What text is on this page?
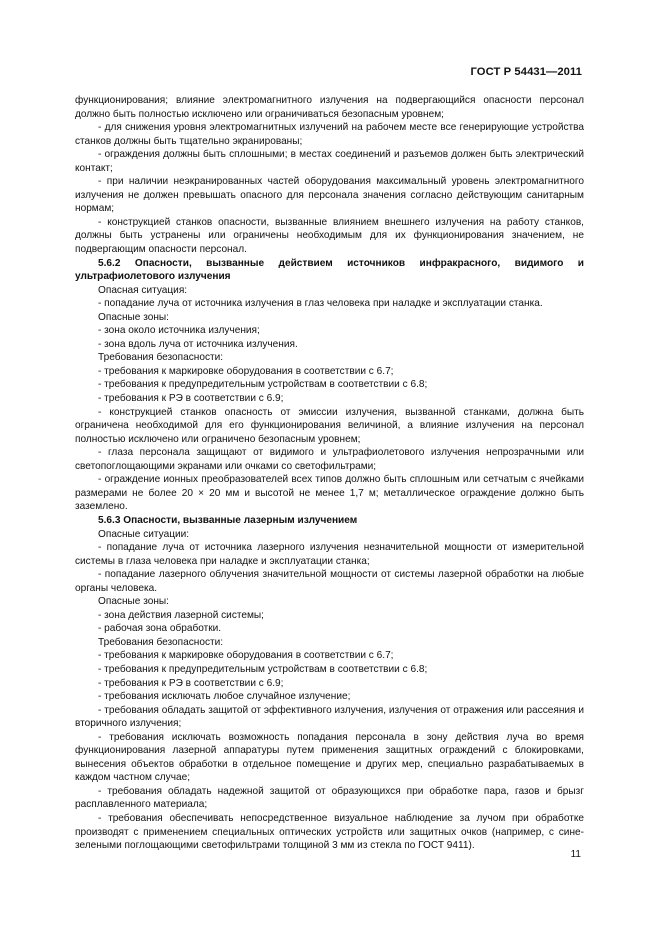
ГОСТ Р 54431—2011

функционирования; влияние электромагнитного излучения на подвергающийся опасности персонал должно быть полностью исключено или ограничиваться безопасным уровнем;

- для снижения уровня электромагнитных излучений на рабочем месте все генерирующие устройства станков должны быть тщательно экранированы;

- ограждения должны быть сплошными; в местах соединений и разъемов должен быть электрический контакт;

- при наличии неэкранированных частей оборудования максимальный уровень электромагнитного излучения не должен превышать опасного для персонала значения согласно действующим санитарным нормам;

- конструкцией станков опасности, вызванные влиянием внешнего излучения на работу станков, должны быть устранены или ограничены необходимым для их функционирования значением, не подвергающим опасности персонал.

5.6.2 Опасности, вызванные действием источников инфракрасного, видимого и ультрафиолетового излучения

Опасная ситуация:

- попадание луча от источника излучения в глаз человека при наладке и эксплуатации станка.

Опасные зоны:

- зона около источника излучения;

- зона вдоль луча от источника излучения.

Требования безопасности:

- требования к маркировке оборудования в соответствии с 6.7;

- требования к предупредительным устройствам в соответствии с 6.8;

- требования к РЭ в соответствии с 6.9;

- конструкцией станков опасность от эмиссии излучения, вызванной станками, должна быть ограничена необходимой для его функционирования величиной, а влияние излучения на персонал полностью исключено или ограничено безопасным уровнем;

- глаза персонала защищают от видимого и ультрафиолетового излучения непрозрачными или светопоглощающими экранами или очками со светофильтрами;

- ограждение ионных преобразователей всех типов должно быть сплошным или сетчатым с ячейками размерами не более 20 × 20 мм и высотой не менее 1,7 м; металлическое ограждение должно быть заземлено.

5.6.3 Опасности, вызванные лазерным излучением

Опасные ситуации:

- попадание луча от источника лазерного излучения незначительной мощности от измерительной системы в глаза человека при наладке и эксплуатации станка;

- попадание лазерного облучения значительной мощности от системы лазерной обработки на любые органы человека.

Опасные зоны:

- зона действия лазерной системы;

- рабочая зона обработки.

Требования безопасности:

- требования к маркировке оборудования в соответствии с 6.7;

- требования к предупредительным устройствам в соответствии с 6.8;

- требования к РЭ в соответствии с 6.9;

- требования исключать любое случайное излучение;

- требования обладать защитой от эффективного излучения, излучения от отражения или рассеяния и вторичного излучения;

- требования исключать возможность попадания персонала в зону действия луча во время функционирования лазерной аппаратуры путем применения защитных ограждений с блокировками, вынесения объектов обработки в отдельное помещение и других мер, специально разрабатываемых в каждом частном случае;

- требования обладать надежной защитой от образующихся при обработке пара, газов и брызг расплавленного материала;

- требования обеспечивать непосредственное визуальное наблюдение за лучом при обработке производят с применением специальных оптических устройств или защитных очков (например, с сине-зелеными поглощающими светофильтрами толщиной 3 мм из стекла по ГОСТ 9411).

11
